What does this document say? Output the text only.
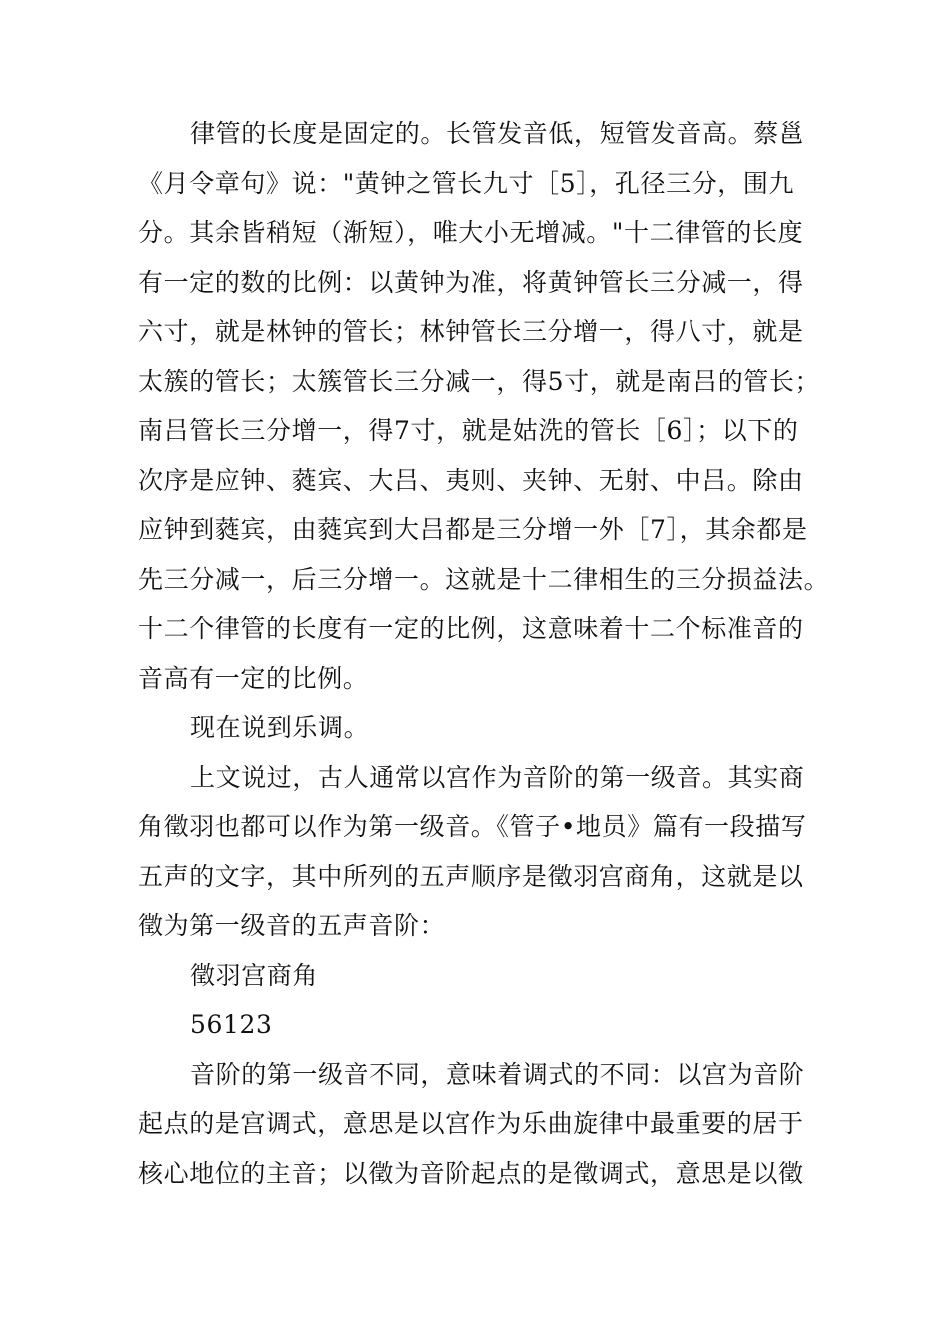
律管的长度是固定的。长管发音低，短管发音高。蔡邕
《月令章句》说："黄钟之管长九寸［5］，孔径三分，围九
分。其余皆稍短（渐短），唯大小无增减。"十二律管的长度
有一定的数的比例：以黄钟为准，将黄钟管长三分减一，得
六寸，就是林钟的管长；林钟管长三分增一，得八寸，就是
太簇的管长；太簇管长三分减一，得5寸，就是南吕的管长；
南吕管长三分增一，得7寸，就是姑洗的管长［6］；以下的
次序是应钟、蕤宾、大吕、夷则、夹钟、无射、中吕。除由
应钟到蕤宾，由蕤宾到大吕都是三分增一外［7］，其余都是
先三分减一，后三分增一。这就是十二律相生的三分损益法。
十二个律管的长度有一定的比例，这意味着十二个标准音的
音高有一定的比例。
现在说到乐调。
上文说过，古人通常以宫作为音阶的第一级音。其实商
角徵羽也都可以作为第一级音。《管子•地员》篇有一段描写
五声的文字，其中所列的五声顺序是徵羽宫商角，这就是以
徵为第一级音的五声音阶：
徵羽宫商角
56123
音阶的第一级音不同，意味着调式的不同：以宫为音阶
起点的是宫调式，意思是以宫作为乐曲旋律中最重要的居于
核心地位的主音；以徵为音阶起点的是徵调式，意思是以徵
